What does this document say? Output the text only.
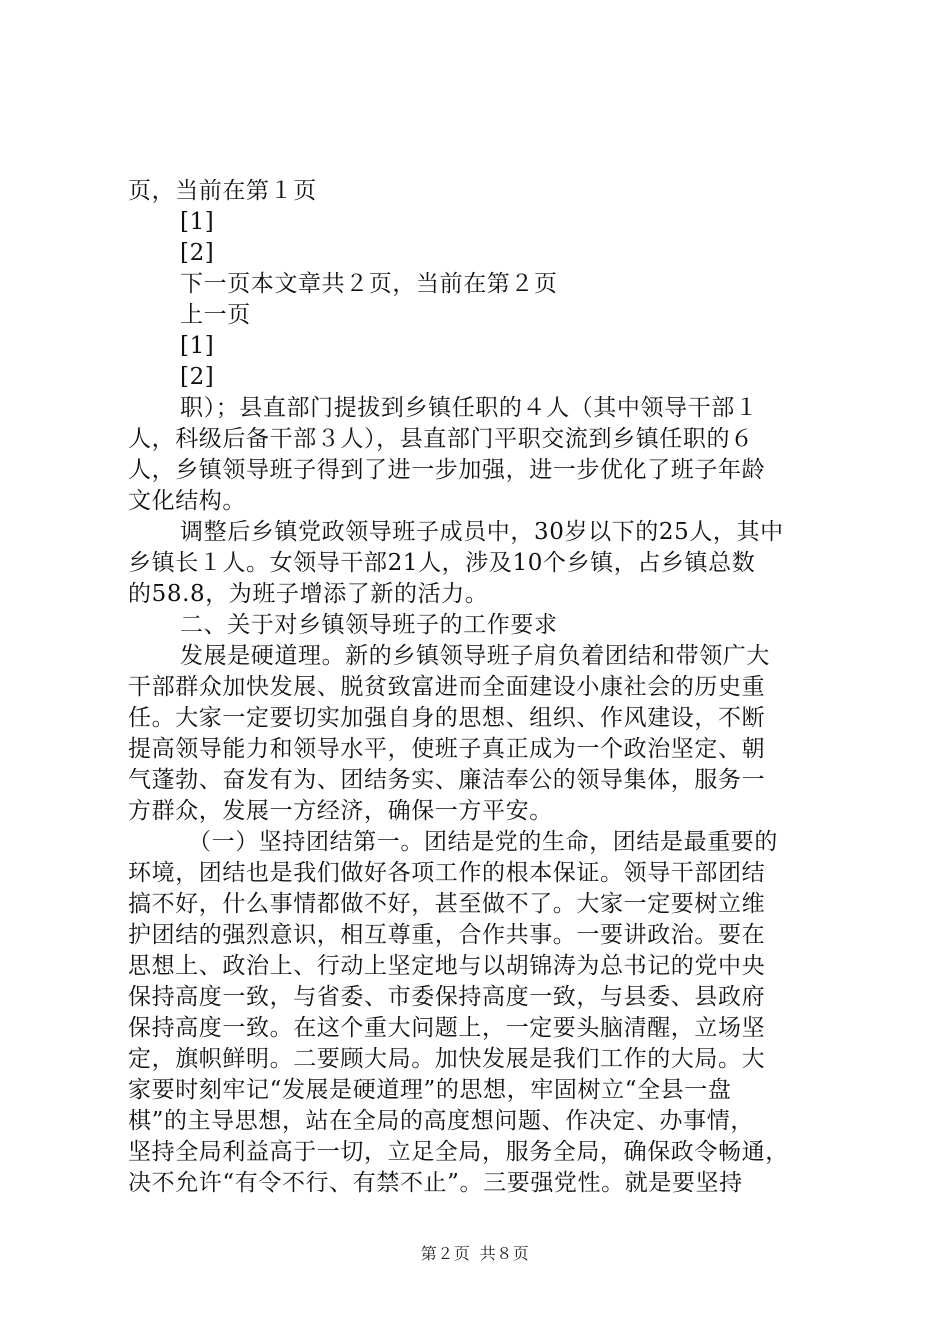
页，当前在第１页
[1]
[2]
下一页本文章共２页，当前在第２页
上一页
[1]
[2]
职）；县直部门提拔到乡镇任职的４人（其中领导干部１
人，科级后备干部３人），县直部门平职交流到乡镇任职的６
人，乡镇领导班子得到了进一步加强，进一步优化了班子年龄
文化结构。
调整后乡镇党政领导班子成员中，30岁以下的25人，其中
乡镇长１人。女领导干部21人，涉及10个乡镇，占乡镇总数
的58.8，为班子增添了新的活力。
二、关于对乡镇领导班子的工作要求
发展是硬道理。新的乡镇领导班子肩负着团结和带领广大
干部群众加快发展、脱贫致富进而全面建设小康社会的历史重
任。大家一定要切实加强自身的思想、组织、作风建设，不断
提高领导能力和领导水平，使班子真正成为一个政治坚定、朝
气蓬勃、奋发有为、团结务实、廉洁奉公的领导集体，服务一
方群众，发展一方经济，确保一方平安。
（一）坚持团结第一。团结是党的生命，团结是最重要的
环境，团结也是我们做好各项工作的根本保证。领导干部团结
搞不好，什么事情都做不好，甚至做不了。大家一定要树立维
护团结的强烈意识，相互尊重，合作共事。一要讲政治。要在
思想上、政治上、行动上坚定地与以胡锦涛为总书记的党中央
保持高度一致，与省委、市委保持高度一致，与县委、县政府
保持高度一致。在这个重大问题上，一定要头脑清醒，立场坚
定，旗帜鲜明。二要顾大局。加快发展是我们工作的大局。大
家要时刻牢记“发展是硬道理”的思想，牢固树立“全县一盘
棋”的主导思想，站在全局的高度想问题、作决定、办事情，
坚持全局利益高于一切，立足全局，服务全局，确保政令畅通，
决不允许“有令不行、有禁不止”。三要强党性。就是要坚持
第２页 共８页
